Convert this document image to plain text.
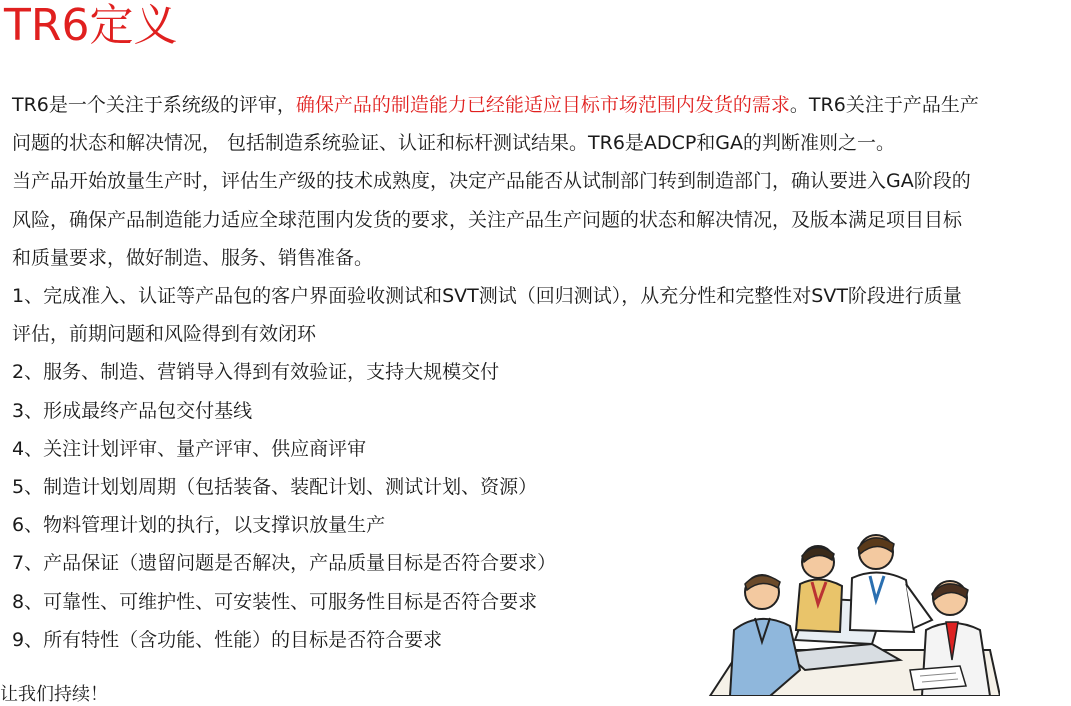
TR6定义

TR6是一个关注于系统级的评审，确保产品的制造能力已经能适应目标市场范围内发货的需求。TR6关注于产品生产问题的状态和解决情况， 包括制造系统验证、认证和标杆测试结果。TR6是ADCP和GA的判断准则之一。

当产品开始放量生产时，评估生产级的技术成熟度，决定产品能否从试制部门转到制造部门，确认要进入GA阶段的风险，确保产品制造能力适应全球范围内发货的要求，关注产品生产问题的状态和解决情况，及版本满足项目目标和质量要求，做好制造、服务、销售准备。

1、完成准入、认证等产品包的客户界面验收测试和SVT测试（回归测试），从充分性和完整性对SVT阶段进行质量评估，前期问题和风险得到有效闭环
2、服务、制造、营销导入得到有效验证，支持大规模交付
3、形成最终产品包交付基线
4、关注计划评审、量产评审、供应商评审
5、制造计划划周期（包括装备、装配计划、测试计划、资源）
6、物料管理计划的执行，以支撑识放量生产
7、产品保证（遗留问题是否解决，产品质量目标是否符合要求）
8、可靠性、可维护性、可安装性、可服务性目标是否符合要求
9、所有特性（含功能、性能）的目标是否符合要求
让我们持续！
